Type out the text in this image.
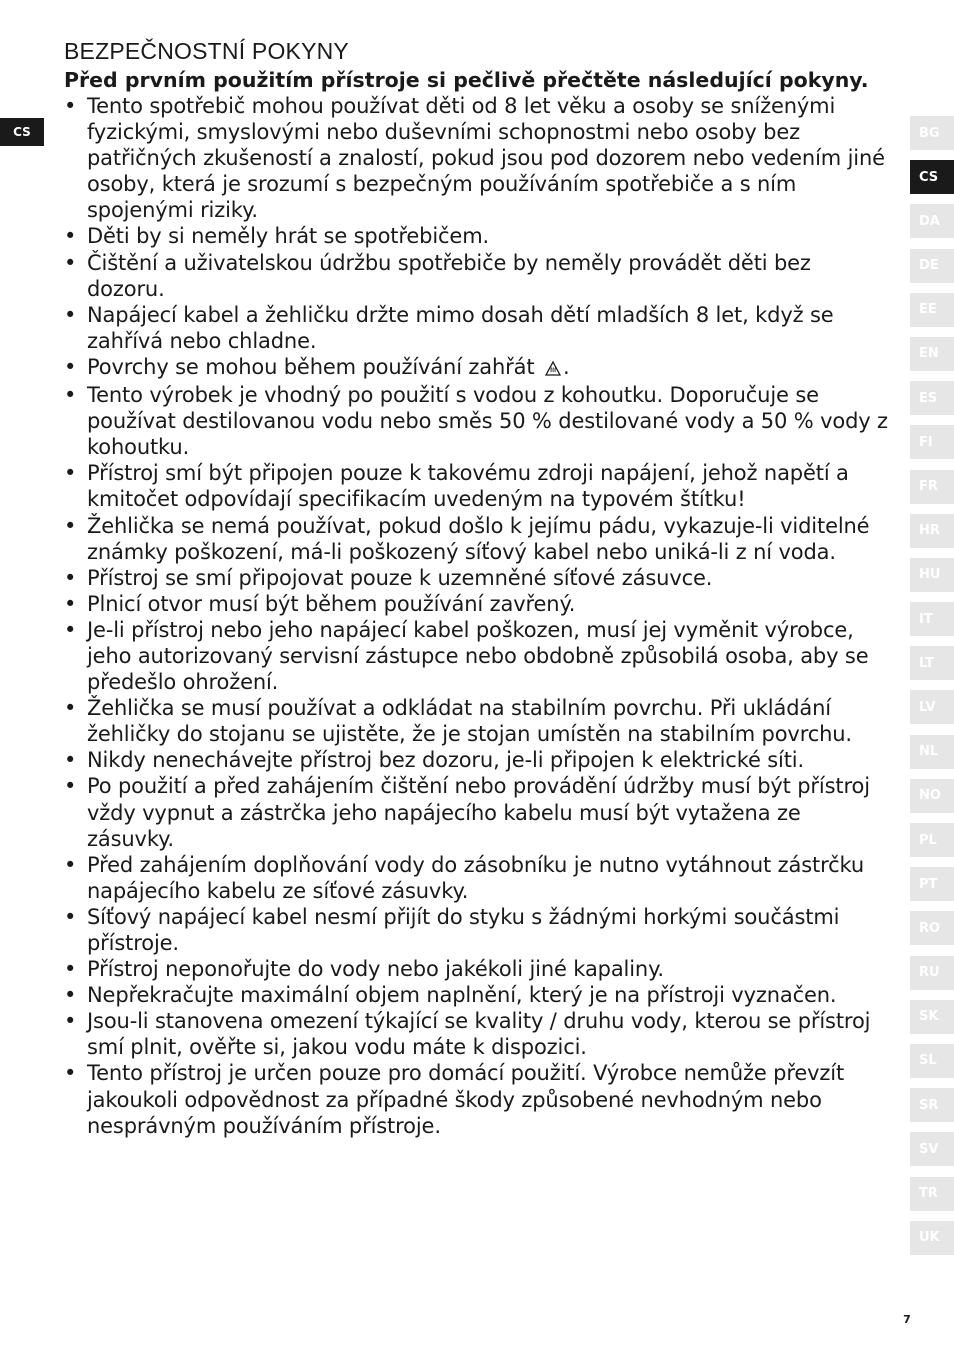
CS
BEZPEČNOSTNÍ POKYNY
Před prvním použitím přístroje si pečlivě přečtěte následující pokyny.
• Tento spotřebič mohou používat děti od 8 let věku a osoby se sníženými fyzickými, smyslovými nebo duševními schopnostmi nebo osoby bez patřičných zkušeností a znalostí, pokud jsou pod dozorem nebo vedením jiné osoby, která je srozumí s bezpečným používáním spotřebiče a s ním spojenými riziky.
• Děti by si neměly hrát se spotřebičem.
• Čištění a uživatelskou údržbu spotřebiče by neměly provádět děti bez dozoru.
• Napájecí kabel a žehličku držte mimo dosah dětí mladších 8 let, když se zahřívá nebo chladne.
• Povrchy se mohou během používání zahřát .
• Tento výrobek je vhodný po použití s vodou z kohoutku. Doporučuje se používat destilovanou vodu nebo směs 50 % destilované vody a 50 % vody z kohoutku.
• Přístroj smí být připojen pouze k takovému zdroji napájení, jehož napětí a kmitočet odpovídají specifikacím uvedeným na typovém štítku!
• Žehlička se nemá používat, pokud došlo k jejímu pádu, vykazuje-li viditelné známky poškození, má-li poškozený síťový kabel nebo uniká-li z ní voda.
• Přístroj se smí připojovat pouze k uzemněné síťové zásuvce.
• Plnicí otvor musí být během používání zavřený.
• Je-li přístroj nebo jeho napájecí kabel poškozen, musí jej vyměnit výrobce, jeho autorizovaný servisní zástupce nebo obdobně způsobilá osoba, aby se předešlo ohrožení.
• Žehlička se musí používat a odkládat na stabilním povrchu. Při ukládání žehličky do stojanu se ujistěte, že je stojan umístěn na stabilním povrchu.
• Nikdy nenechávejte přístroj bez dozoru, je-li připojen k elektrické síti.
• Po použití a před zahájením čištění nebo provádění údržby musí být přístroj vždy vypnut a zástrčka jeho napájecího kabelu musí být vytažena ze zásuvky.
• Před zahájením doplňování vody do zásobníku je nutno vytáhnout zástrčku napájecího kabelu ze síťové zásuvky.
• Síťový napájecí kabel nesmí přijít do styku s žádnými horkými součástmi přístroje.
• Přístroj neponořujte do vody nebo jakékoli jiné kapaliny.
• Nepřekračujte maximální objem naplnění, který je na přístroji vyznačen.
• Jsou-li stanovena omezení týkající se kvality / druhu vody, kterou se přístroj smí plnit, ověřte si, jakou vodu máte k dispozici.
• Tento přístroj je určen pouze pro domácí použití. Výrobce nemůže převzít jakoukoli odpovědnost za případné škody způsobené nevhodným nebo nesprávným používáním přístroje.
BG
CS
DA
DE
EE
EN
ES
FI
FR
HR
HU
IT
LT
LV
NL
NO
PL
PT
RO
RU
SK
SL
SR
SV
TR
UK
7
